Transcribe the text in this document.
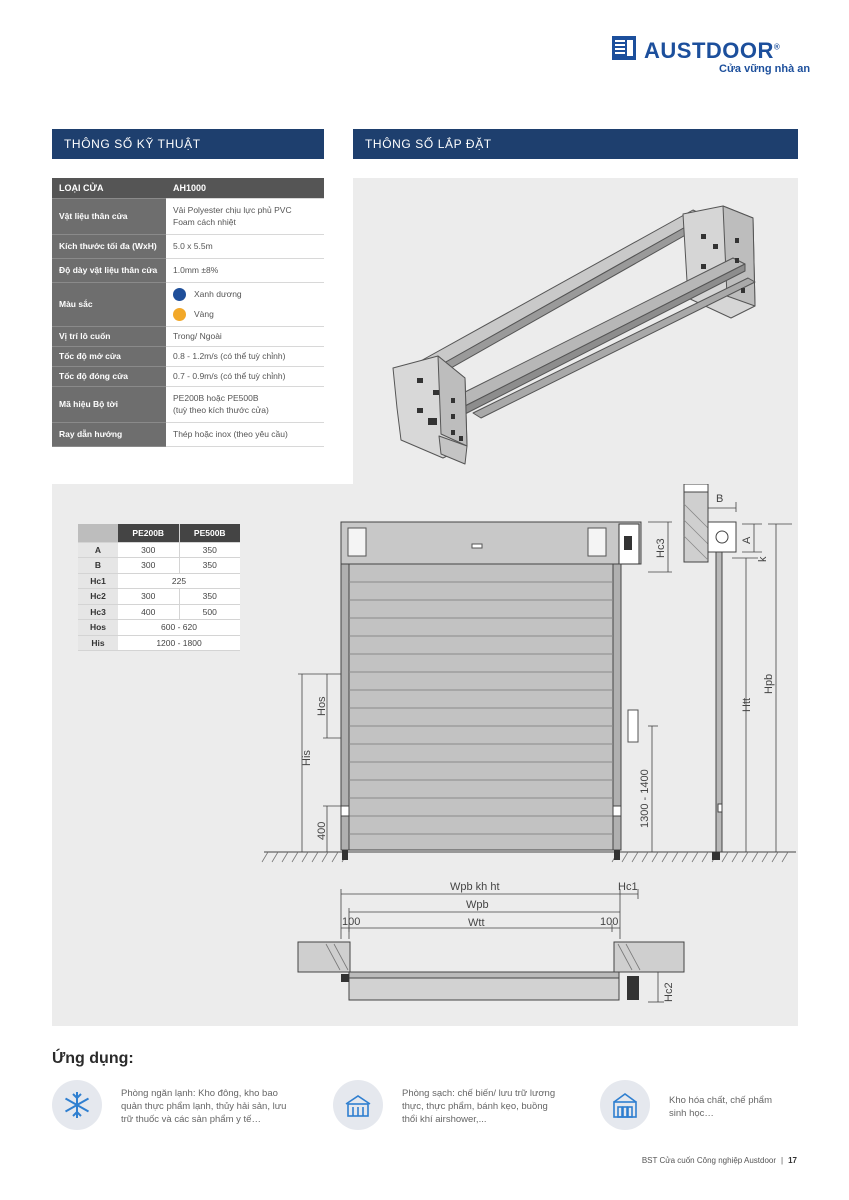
AUSTDOOR®
Cửa vững nhà an
THÔNG SỐ KỸ THUẬT	THÔNG SỐ LẮP ĐẶT
LOẠI CỬA	AH1000
Vật liệu thân cửa	Vải Polyester chịu lực phủ PVC
Foam cách nhiệt

Kích thước tối đa (WxH)	5.0 x 5.5m
Độ dày vật liệu thân cửa	1.0mm ±8%
Màu sắc	Xanh dương
Vàng

Vị trí lô cuốn	Trong/ Ngoài
Tốc độ mở cửa	0.8 - 1.2m/s (có thể tuỳ chỉnh)
Tốc độ đóng cửa	0.7 - 0.9m/s (có thể tuỳ chỉnh)
Mã hiệu Bộ tời	PE200B hoặc PE500B
(tuỳ theo kích thước cửa)

Ray dẫn hướng	Thép hoặc inox (theo yêu cầu)
	PE200B	PE500B
A	300	350
B	300	350
Hc1	225	
Hc2	300	350
Hc3	400	500
Hos	600 - 620	
His	1200 - 1800	
His
Hos
400
Hc3
1300 - 1400
B
A
k
Htt
Hpb
Wpb kh ht	Hc1
Wpb
Wtt
100	100
Hc2
Ứng dụng:
Phòng ngăn lạnh: Kho đông, kho bao
quản thực phẩm lạnh, thủy hải sản, lưu
trữ thuốc và các sản phẩm y tế…
Phòng sạch: chế biến/ lưu trữ lương
thực, thực phẩm, bánh kẹo, buồng
thổi khí airshower,...
Kho hóa chất, chế phẩm
sinh học…
BST Cửa cuốn Công nghiệp Austdoor | 17
